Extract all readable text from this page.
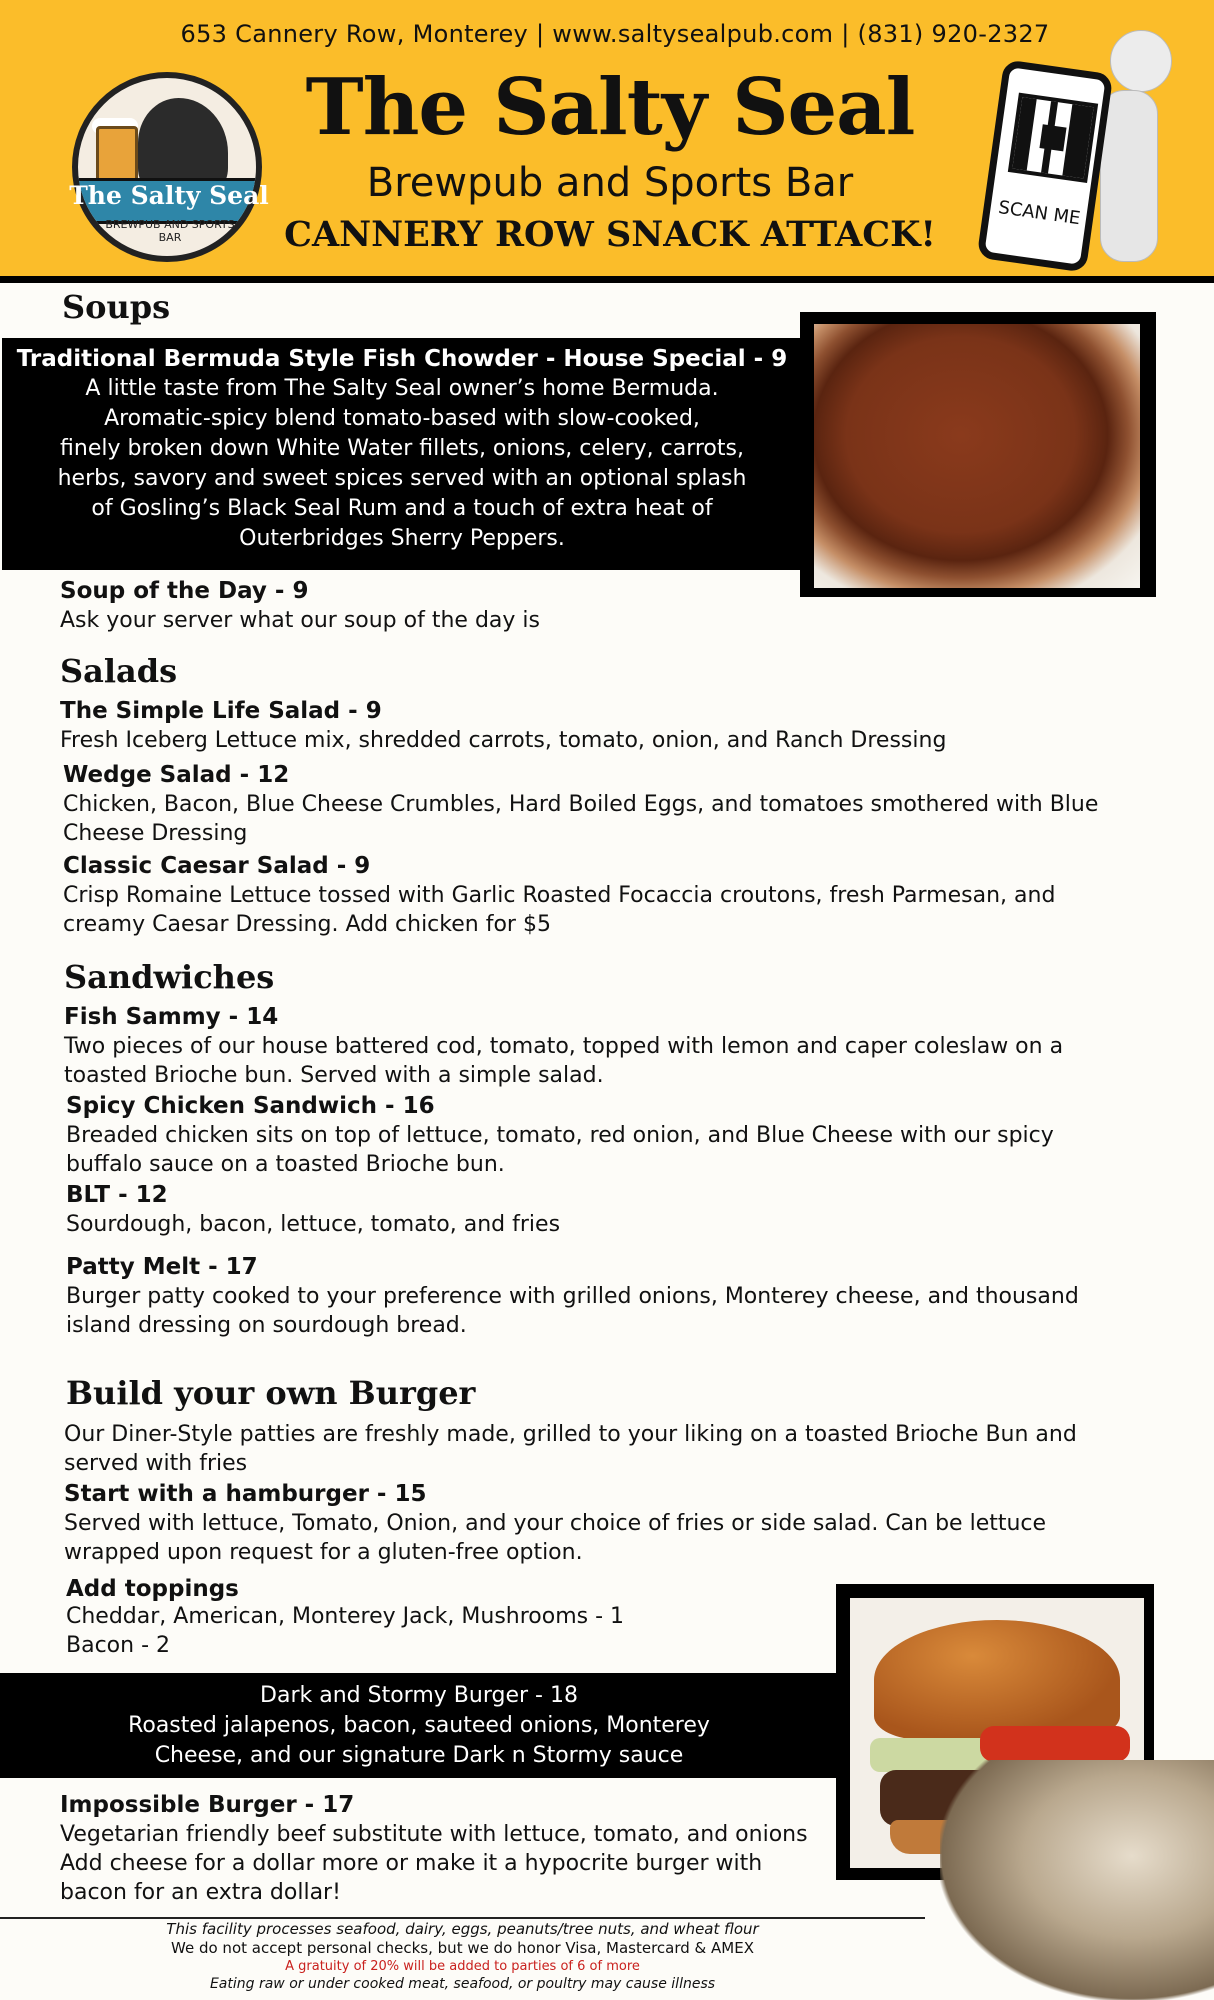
653 Cannery Row, Monterey | www.saltysealpub.com | (831) 920-2327
The Salty Seal
Brewpub and Sports Bar
CANNERY ROW SNACK ATTACK!
The Salty Seal
BREWPUB AND SPORTS BAR
SCAN ME
Soups
Traditional Bermuda Style Fish Chowder - House Special - 9
A little taste from The Salty Seal owner’s home Bermuda.
Aromatic-spicy blend tomato-based with slow-cooked,
finely broken down White Water fillets, onions, celery, carrots,
herbs, savory and sweet spices served with an optional splash
of Gosling’s Black Seal Rum and a touch of extra heat of
Outerbridges Sherry Peppers.
Soup of the Day - 9
Ask your server what our soup of the day is
Salads
The Simple Life Salad - 9
Fresh Iceberg Lettuce mix, shredded carrots, tomato, onion, and Ranch Dressing
Wedge Salad - 12
Chicken, Bacon, Blue Cheese Crumbles, Hard Boiled Eggs, and tomatoes smothered with Blue Cheese Dressing
Classic Caesar Salad - 9
Crisp Romaine Lettuce tossed with Garlic Roasted Focaccia croutons, fresh Parmesan, and creamy Caesar Dressing. Add chicken for $5
Sandwiches
Fish Sammy - 14
Two pieces of our house battered cod, tomato, topped with lemon and caper coleslaw on a toasted Brioche bun. Served with a simple salad.
Spicy Chicken Sandwich - 16
Breaded chicken sits on top of lettuce, tomato, red onion, and Blue Cheese with our spicy buffalo sauce on a toasted Brioche bun.
BLT - 12
Sourdough, bacon, lettuce, tomato, and fries
Patty Melt - 17
Burger patty cooked to your preference with grilled onions, Monterey cheese, and thousand island dressing on sourdough bread.
Build your own Burger
Our Diner-Style patties are freshly made, grilled to your liking on a toasted Brioche Bun and served with fries
Start with a hamburger - 15
Served with lettuce, Tomato, Onion, and your choice of fries or side salad. Can be lettuce wrapped upon request for a gluten-free option.
Add toppings
Cheddar, American, Monterey Jack, Mushrooms - 1
Bacon - 2
Dark and Stormy Burger - 18
Roasted jalapenos, bacon, sauteed onions, Monterey
Cheese, and our signature Dark n Stormy sauce
Impossible Burger - 17
Vegetarian friendly beef substitute with lettuce, tomato, and onions
Add cheese for a dollar more or make it a hypocrite burger with
bacon for an extra dollar!
This facility processes seafood, dairy, eggs, peanuts/tree nuts, and wheat flour
We do not accept personal checks, but we do honor Visa, Mastercard & AMEX
A gratuity of 20% will be added to parties of 6 of more
Eating raw or under cooked meat, seafood, or poultry may cause illness
